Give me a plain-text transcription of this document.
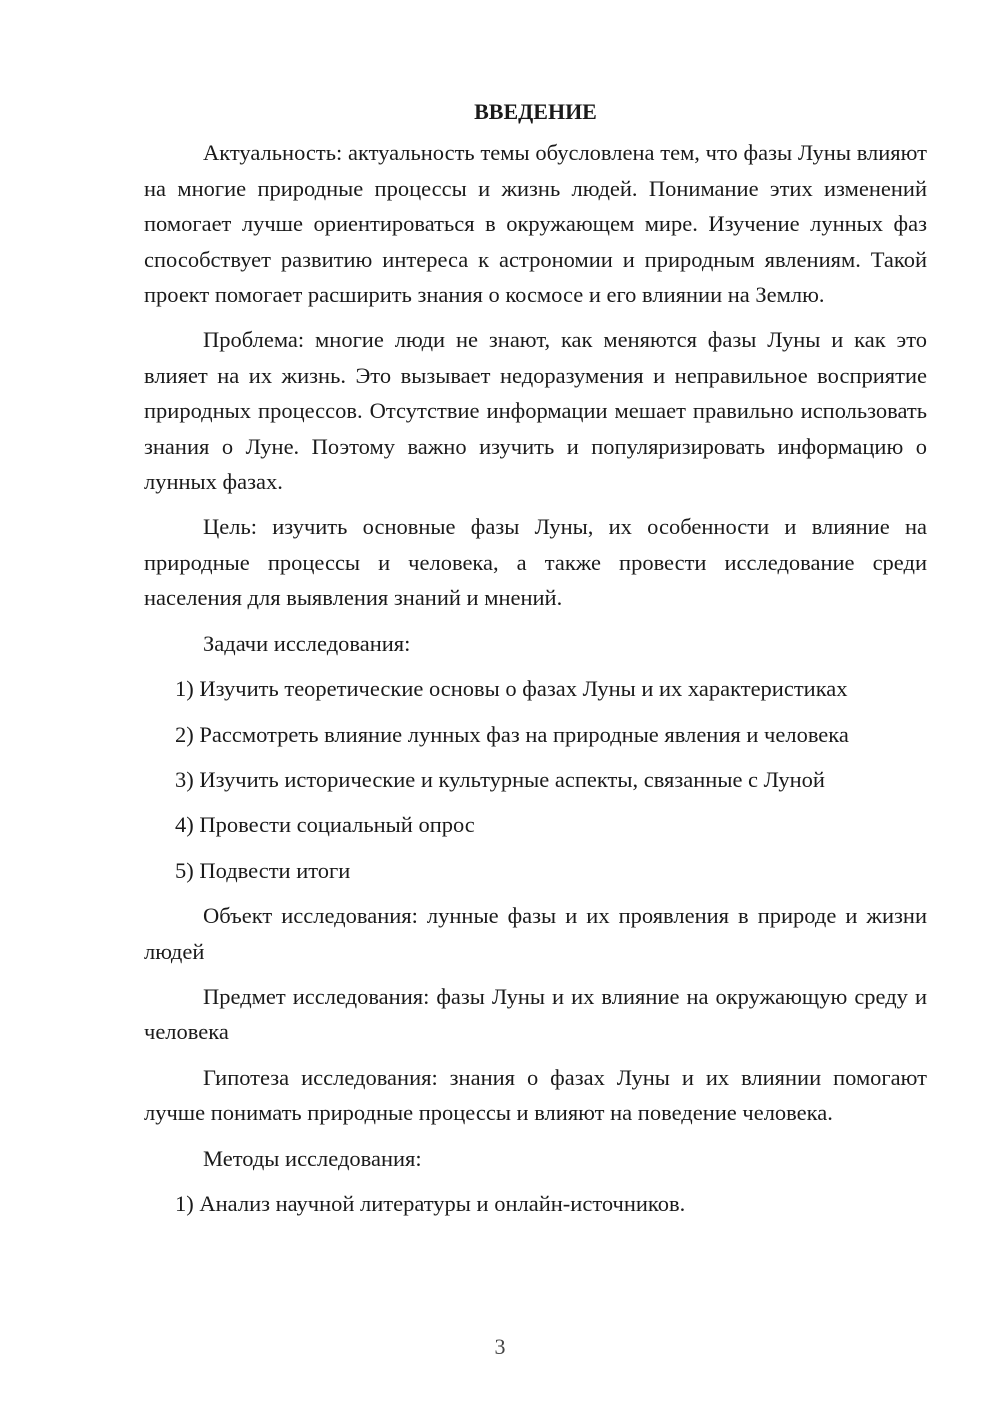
ВВЕДЕНИЕ

Актуальность: актуальность темы обусловлена тем, что фазы Луны влияют на многие природные процессы и жизнь людей. Понимание этих изменений помогает лучше ориентироваться в окружающем мире. Изучение лунных фаз способствует развитию интереса к астрономии и природным явлениям. Такой проект помогает расширить знания о космосе и его влиянии на Землю.

Проблема: многие люди не знают, как меняются фазы Луны и как это влияет на их жизнь. Это вызывает недоразумения и неправильное восприятие природных процессов. Отсутствие информации мешает правильно использовать знания о Луне. Поэтому важно изучить и популяризировать информацию о лунных фазах.

Цель: изучить основные фазы Луны, их особенности и влияние на природные процессы и человека, а также провести исследование среди населения для выявления знаний и мнений.

Задачи исследования:

1) Изучить теоретические основы о фазах Луны и их характеристиках

2) Рассмотреть влияние лунных фаз на природные явления и человека

3) Изучить исторические и культурные аспекты, связанные с Луной

4) Провести социальный опрос

5) Подвести итоги

Объект исследования: лунные фазы и их проявления в природе и жизни людей

Предмет исследования: фазы Луны и их влияние на окружающую среду и человека

Гипотеза исследования: знания о фазах Луны и их влиянии помогают лучше понимать природные процессы и влияют на поведение человека.

Методы исследования:

1) Анализ научной литературы и онлайн-источников.

3
